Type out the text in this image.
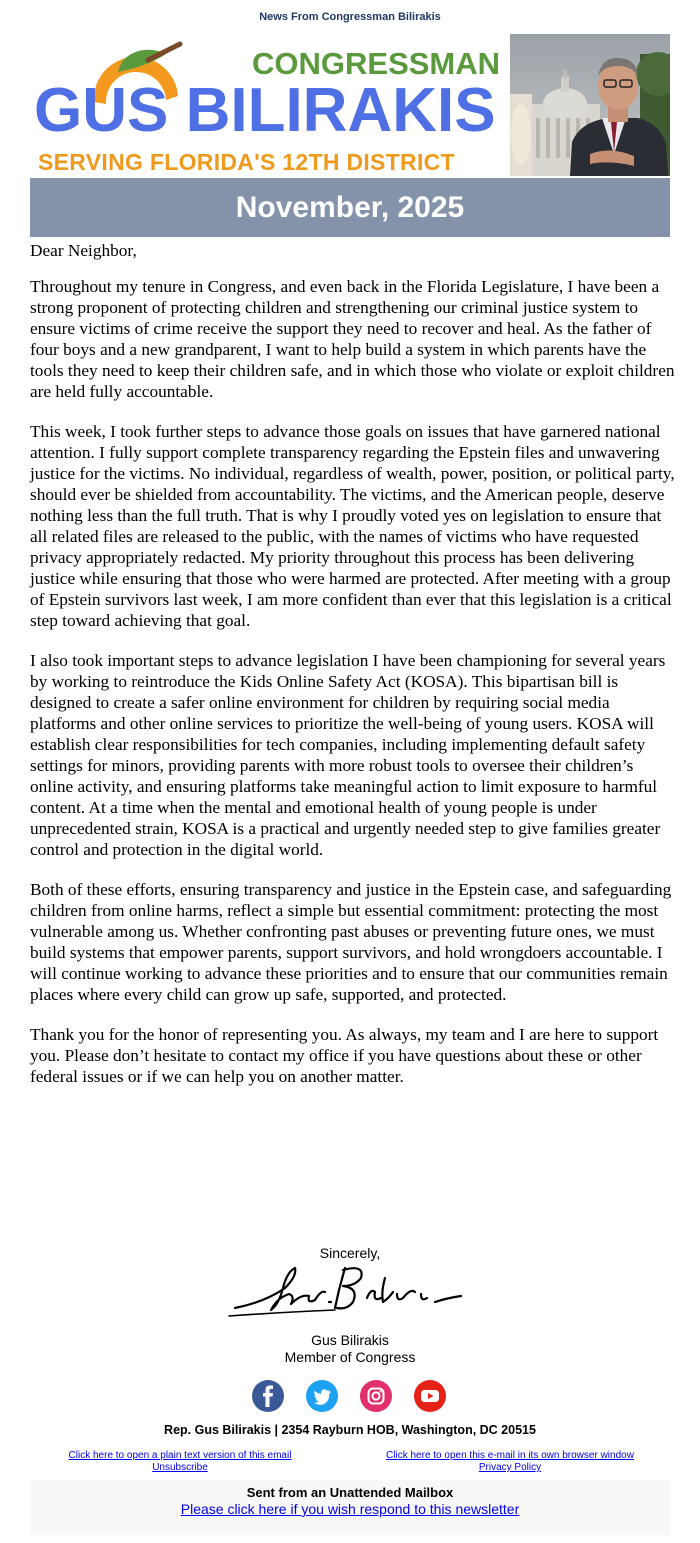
News From Congressman Bilirakis
CONGRESSMAN
GUS BILIRAKIS
SERVING FLORIDA'S 12TH DISTRICT
November, 2025

Dear Neighbor,

Throughout my tenure in Congress, and even back in the Florida Legislature, I have been a strong proponent of protecting children and strengthening our criminal justice system to ensure victims of crime receive the support they need to recover and heal. As the father of four boys and a new grandparent, I want to help build a system in which parents have the tools they need to keep their children safe, and in which those who violate or exploit children are held fully accountable.

This week, I took further steps to advance those goals on issues that have garnered national attention. I fully support complete transparency regarding the Epstein files and unwavering justice for the victims. No individual, regardless of wealth, power, position, or political party, should ever be shielded from accountability. The victims, and the American people, deserve nothing less than the full truth. That is why I proudly voted yes on legislation to ensure that all related files are released to the public, with the names of victims who have requested privacy appropriately redacted. My priority throughout this process has been delivering justice while ensuring that those who were harmed are protected. After meeting with a group of Epstein survivors last week, I am more confident than ever that this legislation is a critical step toward achieving that goal.

I also took important steps to advance legislation I have been championing for several years by working to reintroduce the Kids Online Safety Act (KOSA). This bipartisan bill is designed to create a safer online environment for children by requiring social media platforms and other online services to prioritize the well-being of young users. KOSA will establish clear responsibilities for tech companies, including implementing default safety settings for minors, providing parents with more robust tools to oversee their children’s online activity, and ensuring platforms take meaningful action to limit exposure to harmful content. At a time when the mental and emotional health of young people is under unprecedented strain, KOSA is a practical and urgently needed step to give families greater control and protection in the digital world.

Both of these efforts, ensuring transparency and justice in the Epstein case, and safeguarding children from online harms, reflect a simple but essential commitment: protecting the most vulnerable among us. Whether confronting past abuses or preventing future ones, we must build systems that empower parents, support survivors, and hold wrongdoers accountable. I will continue working to advance these priorities and to ensure that our communities remain places where every child can grow up safe, supported, and protected.

Thank you for the honor of representing you. As always, my team and I are here to support you. Please don’t hesitate to contact my office if you have questions about these or other federal issues or if we can help you on another matter.

Sincerely,
Gus Bilirakis
Member of Congress
Rep. Gus Bilirakis | 2354 Rayburn HOB, Washington, DC 20515
Click here to open a plain text version of this email
Unsubscribe
Click here to open this e-mail in its own browser window
Privacy Policy
Sent from an Unattended Mailbox
Please click here if you wish respond to this newsletter
